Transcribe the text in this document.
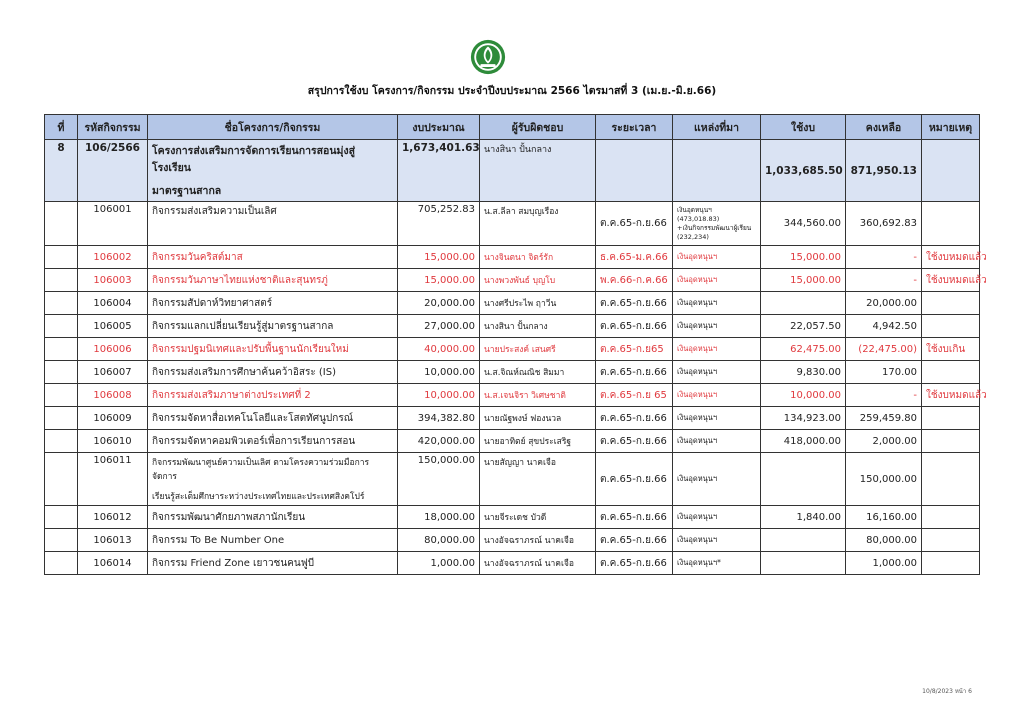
สรุปการใช้งบ โครงการ/กิจกรรม ประจำปีงบประมาณ 2566 ไตรมาสที่ 3 (เม.ย.-มิ.ย.66)
ที่	รหัสกิจกรรม	ชื่อโครงการ/กิจกรรม	งบประมาณ	ผู้รับผิดชอบ	ระยะเวลา	แหล่งที่มา	ใช้งบ	คงเหลือ	หมายเหตุ
8	106/2566	โครงการส่งเสริมการจัดการเรียนการสอนมุ่งสู่โรงเรียน
มาตรฐานสากล	1,673,401.63	นางสินา ปั้นกลาง			1,033,685.50	871,950.13	
	106001	กิจกรรมส่งเสริมความเป็นเลิศ	705,252.83	น.ส.ลีลา สมบุญเรือง	ต.ค.65-ก.ย.66	เงินอุดหนุนฯ (473,018.83)
+เงินกิจกรรมพัฒนาผู้เรียน
(232,234)	344,560.00	360,692.83	
	106002	กิจกรรมวันคริสต์มาส	15,000.00	นางจินตนา จิตร์รัก	ธ.ค.65-ม.ค.66	เงินอุดหนุนฯ	15,000.00	-	ใช้งบหมดแล้ว
	106003	กิจกรรมวันภาษาไทยแห่งชาติและสุนทรภู่	15,000.00	นางพวงพันธ์ บุญโบ	พ.ค.66-ก.ค.66	เงินอุดหนุนฯ	15,000.00	-	ใช้งบหมดแล้ว
	106004	กิจกรรมสัปดาห์วิทยาศาสตร์	20,000.00	นางศรีประไพ ฤาวีน	ต.ค.65-ก.ย.66	เงินอุดหนุนฯ		20,000.00	
	106005	กิจกรรมแลกเปลี่ยนเรียนรู้สู่มาตรฐานสากล	27,000.00	นางสินา ปั้นกลาง	ต.ค.65-ก.ย.66	เงินอุดหนุนฯ	22,057.50	4,942.50	
	106006	กิจกรรมปฐมนิเทศและปรับพื้นฐานนักเรียนใหม่	40,000.00	นายประสงค์ เสนศรี	ต.ค.65-ก.ย65	เงินอุดหนุนฯ	62,475.00	(22,475.00)	ใช้งบเกิน
	106007	กิจกรรมส่งเสริมการศึกษาค้นคว้าอิสระ (IS)	10,000.00	น.ส.จิณห์ณณิช สิมมา	ต.ค.65-ก.ย.66	เงินอุดหนุนฯ	9,830.00	170.00	
	106008	กิจกรรมส่งเสริมภาษาต่างประเทศที่ 2	10,000.00	น.ส.เจนจิรา วิเศษชาติ	ต.ค.65-ก.ย 65	เงินอุดหนุนฯ	10,000.00	-	ใช้งบหมดแล้ว
	106009	กิจกรรมจัดหาสื่อเทคโนโลยีและโสตทัศนูปกรณ์	394,382.80	นายณัฐพงษ์ ฟองนวล	ต.ค.65-ก.ย.66	เงินอุดหนุนฯ	134,923.00	259,459.80	
	106010	กิจกรรมจัดหาคอมพิวเตอร์เพื่อการเรียนการสอน	420,000.00	นายอาทิตย์ สุขประเสริฐ	ต.ค.65-ก.ย.66	เงินอุดหนุนฯ	418,000.00	2,000.00	
	106011	กิจกรรมพัฒนาศูนย์ความเป็นเลิศ ตามโครงความร่วมมือการจัดการ
เรียนรู้สะเต็มศึกษาระหว่างประเทศไทยและประเทศสิงคโปร์	150,000.00	นายสัญญา นาคเจือ	ต.ค.65-ก.ย.66	เงินอุดหนุนฯ		150,000.00	
	106012	กิจกรรมพัฒนาศักยภาพสภานักเรียน	18,000.00	นายจีระเดช บัวดี	ต.ค.65-ก.ย.66	เงินอุดหนุนฯ	1,840.00	16,160.00	
	106013	กิจกรรม To Be Number One	80,000.00	นางอัจฉราภรณ์ นาคเจือ	ต.ค.65-ก.ย.66	เงินอุดหนุนฯ		80,000.00	
	106014	กิจกรรม Friend Zone เยาวชนคนฟูบี	1,000.00	นางอัจฉราภรณ์ นาคเจือ	ต.ค.65-ก.ย.66	เงินอุดหนุนฯ*		1,000.00	
10/8/2023 หน้า 6
